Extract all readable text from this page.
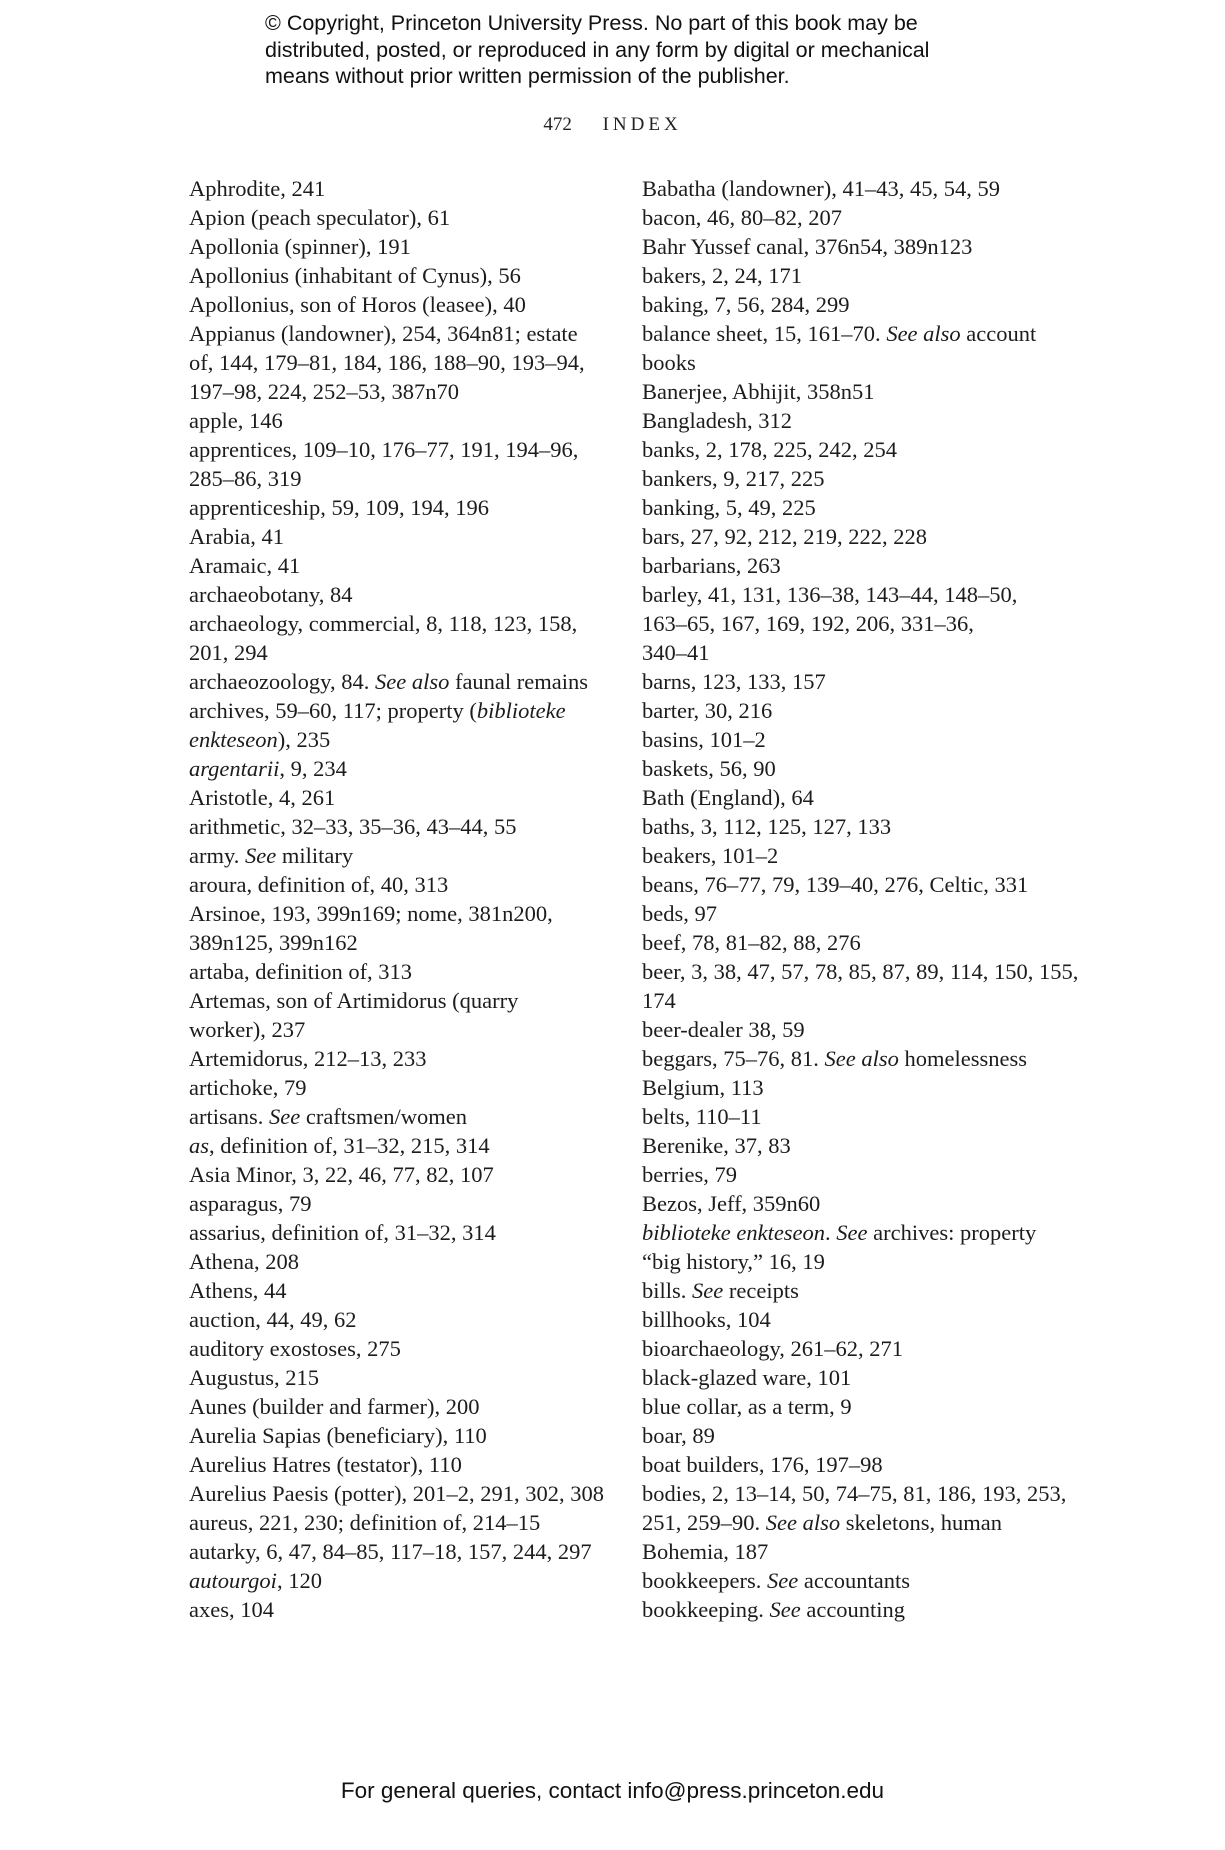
© Copyright, Princeton University Press. No part of this book may be
distributed, posted, or reproduced in any form by digital or mechanical
means without prior written permission of the publisher.
472 INDEX
Aphrodite, 241
Apion (peach speculator), 61
Apollonia (spinner), 191
Apollonius (inhabitant of Cynus), 56
Apollonius, son of Horos (leasee), 40
Appianus (landowner), 254, 364n81; estate
of, 144, 179–81, 184, 186, 188–90, 193–94,
197–98, 224, 252–53, 387n70
apple, 146
apprentices, 109–10, 176–77, 191, 194–96,
285–86, 319
apprenticeship, 59, 109, 194, 196
Arabia, 41
Aramaic, 41
archaeobotany, 84
archaeology, commercial, 8, 118, 123, 158,
201, 294
archaeozoology, 84. See also faunal remains
archives, 59–60, 117; property (biblioteke
enkteseon), 235
argentarii, 9, 234
Aristotle, 4, 261
arithmetic, 32–33, 35–36, 43–44, 55
army. See military
aroura, definition of, 40, 313
Arsinoe, 193, 399n169; nome, 381n200,
389n125, 399n162
artaba, definition of, 313
Artemas, son of Artimidorus (quarry
worker), 237
Artemidorus, 212–13, 233
artichoke, 79
artisans. See craftsmen/women
as, definition of, 31–32, 215, 314
Asia Minor, 3, 22, 46, 77, 82, 107
asparagus, 79
assarius, definition of, 31–32, 314
Athena, 208
Athens, 44
auction, 44, 49, 62
auditory exostoses, 275
Augustus, 215
Aunes (builder and farmer), 200
Aurelia Sapias (beneficiary), 110
Aurelius Hatres (testator), 110
Aurelius Paesis (potter), 201–2, 291, 302, 308
aureus, 221, 230; definition of, 214–15
autarky, 6, 47, 84–85, 117–18, 157, 244, 297
autourgoi, 120
axes, 104
Babatha (landowner), 41–43, 45, 54, 59
bacon, 46, 80–82, 207
Bahr Yussef canal, 376n54, 389n123
bakers, 2, 24, 171
baking, 7, 56, 284, 299
balance sheet, 15, 161–70. See also account
books
Banerjee, Abhijit, 358n51
Bangladesh, 312
banks, 2, 178, 225, 242, 254
bankers, 9, 217, 225
banking, 5, 49, 225
bars, 27, 92, 212, 219, 222, 228
barbarians, 263
barley, 41, 131, 136–38, 143–44, 148–50,
163–65, 167, 169, 192, 206, 331–36,
340–41
barns, 123, 133, 157
barter, 30, 216
basins, 101–2
baskets, 56, 90
Bath (England), 64
baths, 3, 112, 125, 127, 133
beakers, 101–2
beans, 76–77, 79, 139–40, 276, Celtic, 331
beds, 97
beef, 78, 81–82, 88, 276
beer, 3, 38, 47, 57, 78, 85, 87, 89, 114, 150, 155,
174
beer-dealer 38, 59
beggars, 75–76, 81. See also homelessness
Belgium, 113
belts, 110–11
Berenike, 37, 83
berries, 79
Bezos, Jeff, 359n60
biblioteke enkteseon. See archives: property
“big history,” 16, 19
bills. See receipts
billhooks, 104
bioarchaeology, 261–62, 271
black-glazed ware, 101
blue collar, as a term, 9
boar, 89
boat builders, 176, 197–98
bodies, 2, 13–14, 50, 74–75, 81, 186, 193, 253,
251, 259–90. See also skeletons, human
Bohemia, 187
bookkeepers. See accountants
bookkeeping. See accounting
For general queries, contact info@press.princeton.edu
